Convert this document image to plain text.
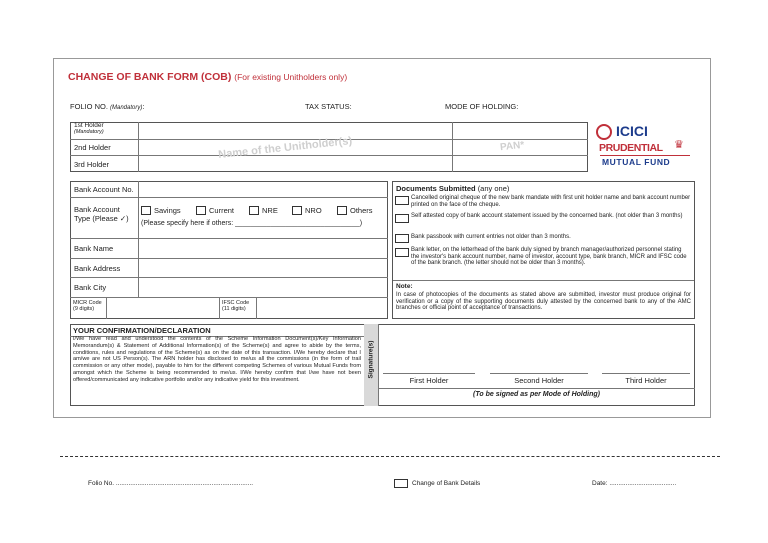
CHANGE OF BANK FORM (COB) (For existing Unitholders only)
FOLIO NO. (Mandatory):	TAX STATUS:	MODE OF HOLDING:
1st Holder
(Mandatory)
2nd Holder
3rd Holder
Name of the Unitholder(s)	PAN*
ICICI
PRUDENTIAL ♛
MUTUAL FUND
Bank Account No.
Bank Account Type (Please ✓)
Savings	Current	NRE	NRO	Others
(Please specify here if others: ________________________________)
Bank Name
Bank Address
Bank City
MICR Code
(9 digits)
IFSC Code
(11 digits)
Documents Submitted (any one)
Cancelled original cheque of the new bank mandate with first unit holder name and bank account number printed on the face of the cheque.
Self attested copy of bank account statement issued by the concerned bank. (not older than 3 months)
Bank passbook with current entries not older than 3 months.
Bank letter, on the letterhead of the bank duly signed by branch manager/authorized personnel stating the investor's bank account number, name of investor, account type, bank branch, MICR and IFSC code of the bank branch. (the letter should not be older than 3 months).
Note:
In case of photocopies of the documents as stated above are submitted, investor must produce original for verification or a copy of the supporting documents duly attested by the concerned bank to any of the AMC branches or official point of acceptance of transactions.
YOUR CONFIRMATION/DECLARATION
I/We have read and understood the contents of the Scheme Information Document(s)/Key Information Memorandum(s) & Statement of Additional Information(s) of the Scheme(s) and agree to abide by the terms, conditions, rules and regulations of the Scheme(s) as on the date of this transaction. I/We hereby declare that I am/we are not US Person(s). The ARN holder has disclosed to me/us all the commissions (in the form of trail commission or any other mode), payable to him for the different competing Schemes of various Mutual Funds from amongst which the Scheme is being recommended to me/us. I/We hereby confirm that I/we have not been offered/communicated any indicative portfolio and/or any indicative yield for this investment.
Signature(s)
First Holder	Second Holder	Third Holder
(To be signed as per Mode of Holding)
Folio No. ............................................................................	Change of Bank Details	Date: .....................................
